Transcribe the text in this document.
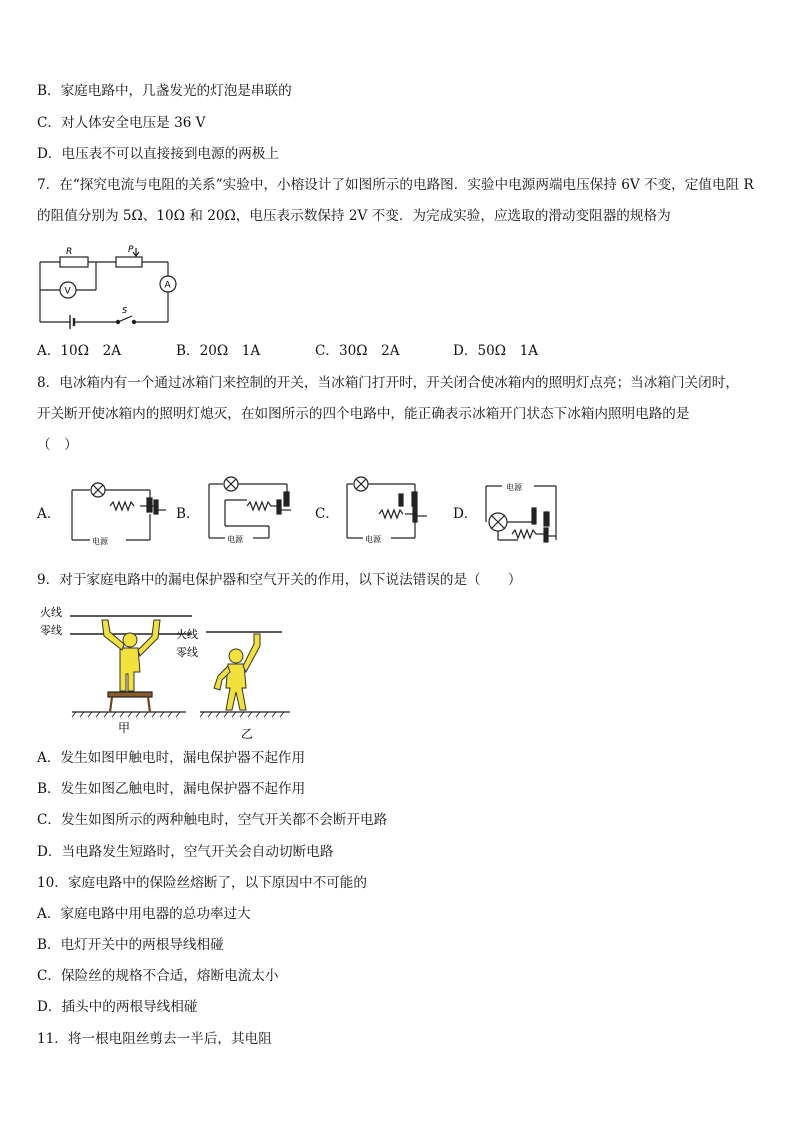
B．家庭电路中，几盏发光的灯泡是串联的
C．对人体安全电压是 36 V
D．电压表不可以直接接到电源的两极上
7．在“探究电流与电阻的关系”实验中，小榕设计了如图所示的电路图．实验中电源两端电压保持 6V 不变，定值电阻 R
的阻值分别为 5Ω、10Ω 和 20Ω，电压表示数保持 2V 不变．为完成实验，应选取的滑动变阻器的规格为
R	P
V
A
S
A．10Ω　2A	B．20Ω　1A	C．30Ω　2A	D．50Ω　1A
8．电冰箱内有一个通过冰箱门来控制的开关，当冰箱门打开时，开关闭合使冰箱内的照明灯点亮；当冰箱门关闭时，
开关断开使冰箱内的照明灯熄灭，在如图所示的四个电路中，能正确表示冰箱开门状态下冰箱内照明电路的是
（　）
A．	B．	C．	D．
电源	电源	电源
电源
9．对于家庭电路中的漏电保护器和空气开关的作用，以下说法错误的是（　　）
火线
零线	火线
零线
甲	乙
A．发生如图甲触电时，漏电保护器不起作用
B．发生如图乙触电时，漏电保护器不起作用
C．发生如图所示的两种触电时，空气开关都不会断开电路
D．当电路发生短路时，空气开关会自动切断电路
10．家庭电路中的保险丝熔断了，以下原因中不可能的
A．家庭电路中用电器的总功率过大
B．电灯开关中的两根导线相碰
C．保险丝的规格不合适，熔断电流太小
D．插头中的两根导线相碰
11．将一根电阻丝剪去一半后，其电阻
